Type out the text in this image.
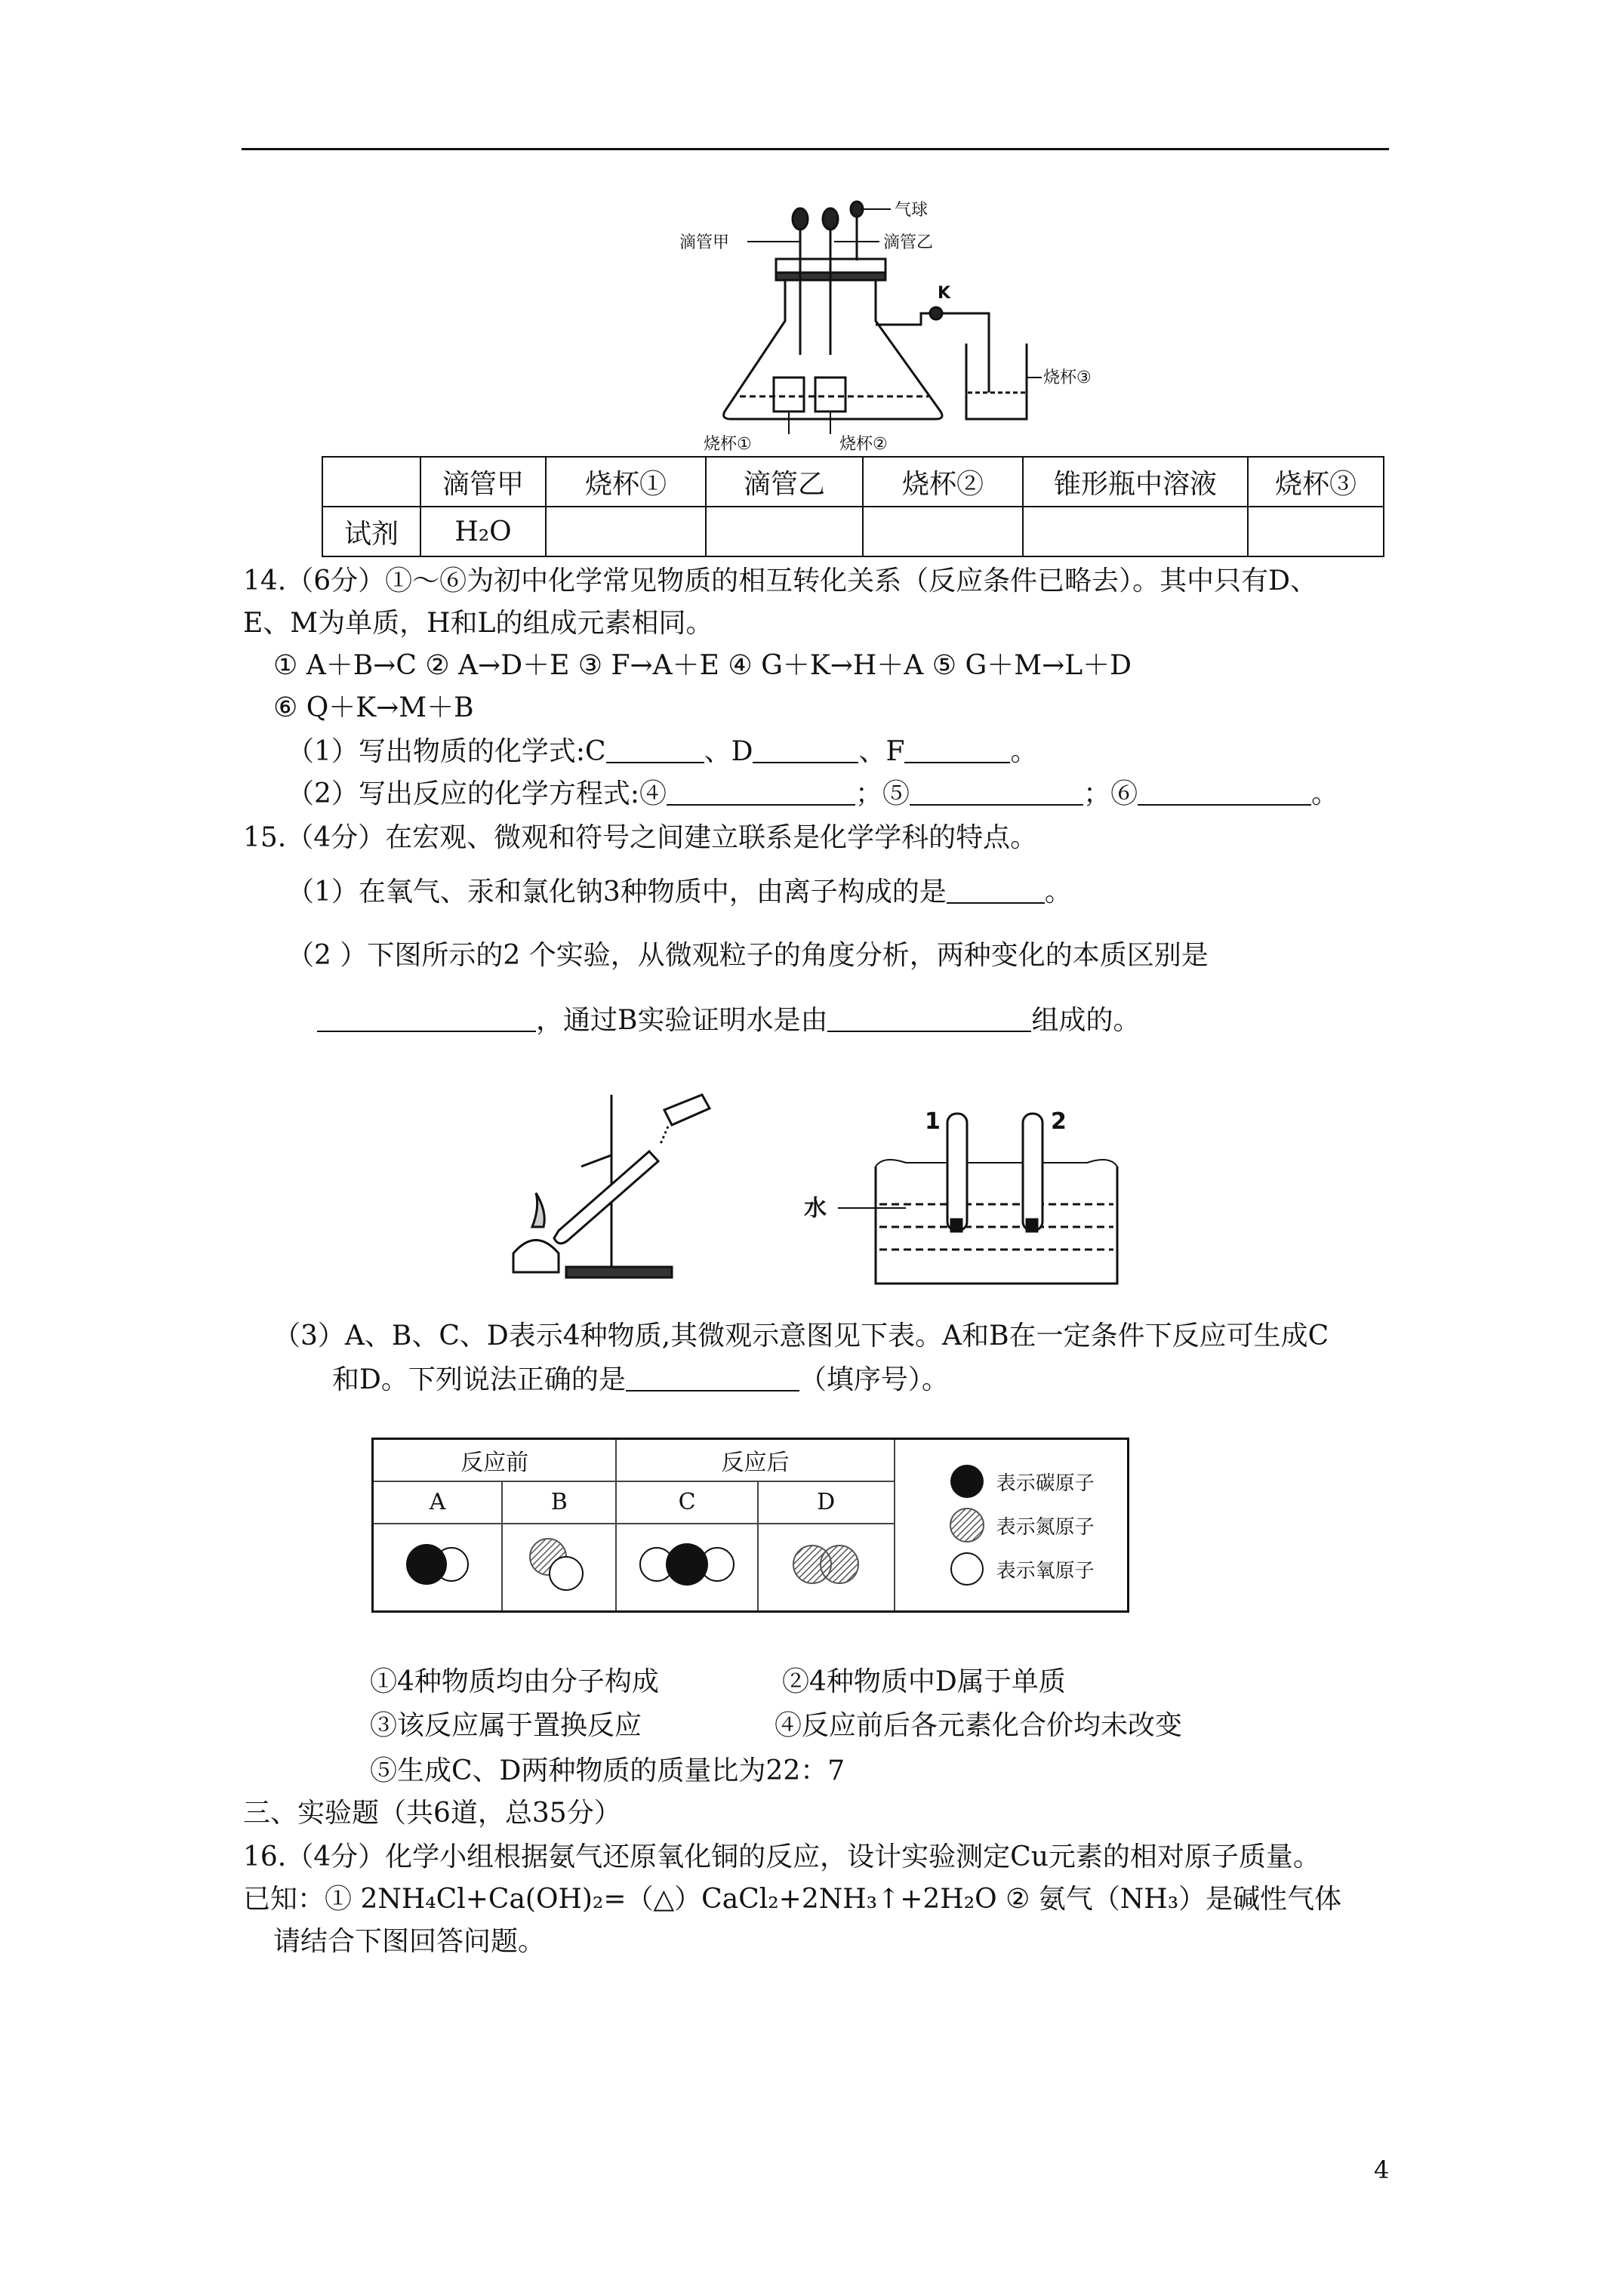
气球
滴管甲	滴管乙
K
烧杯③
烧杯①	烧杯②
	滴管甲	烧杯①	滴管乙	烧杯②	锥形瓶中溶液	烧杯③
试剂	H₂O					
14.（6分）①～⑥为初中化学常见物质的相互转化关系（反应条件已略去）。其中只有D、
E、M为单质，H和L的组成元素相同。
① A＋B→C ② A→D＋E ③ F→A＋E ④ G＋K→H＋A ⑤ G＋M→L＋D
⑥ Q＋K→M＋B
（1）写出物质的化学式:C	、D	、F	。
（2）写出反应的化学方程式:④	；⑤	；⑥	。
15.（4分）在宏观、微观和符号之间建立联系是化学学科的特点。
（1）在氧气、汞和氯化钠3种物质中，由离子构成的是	。
（2 ）下图所示的2 个实验，从微观粒子的角度分析，两种变化的本质区别是
，通过B实验证明水是由	组成的。
1	2
水
（3）A、B、C、D表示4种物质,其微观示意图见下表。A和B在一定条件下反应可生成C
和D。下列说法正确的是	（填序号）。
反应前		反应后		表示碳原子
表示氮原子
表示氧原子

A	B	C	D	

①4种物质均由分子构成	②4种物质中D属于单质
③该反应属于置换反应	④反应前后各元素化合价均未改变
⑤生成C、D两种物质的质量比为22：7
三、实验题（共6道，总35分）
16.（4分）化学小组根据氨气还原氧化铜的反应，设计实验测定Cu元素的相对原子质量。
已知：① 2NH₄Cl+Ca(OH)₂=（△）CaCl₂+2NH₃↑+2H₂O ② 氨气（NH₃）是碱性气体
请结合下图回答问题。
4
